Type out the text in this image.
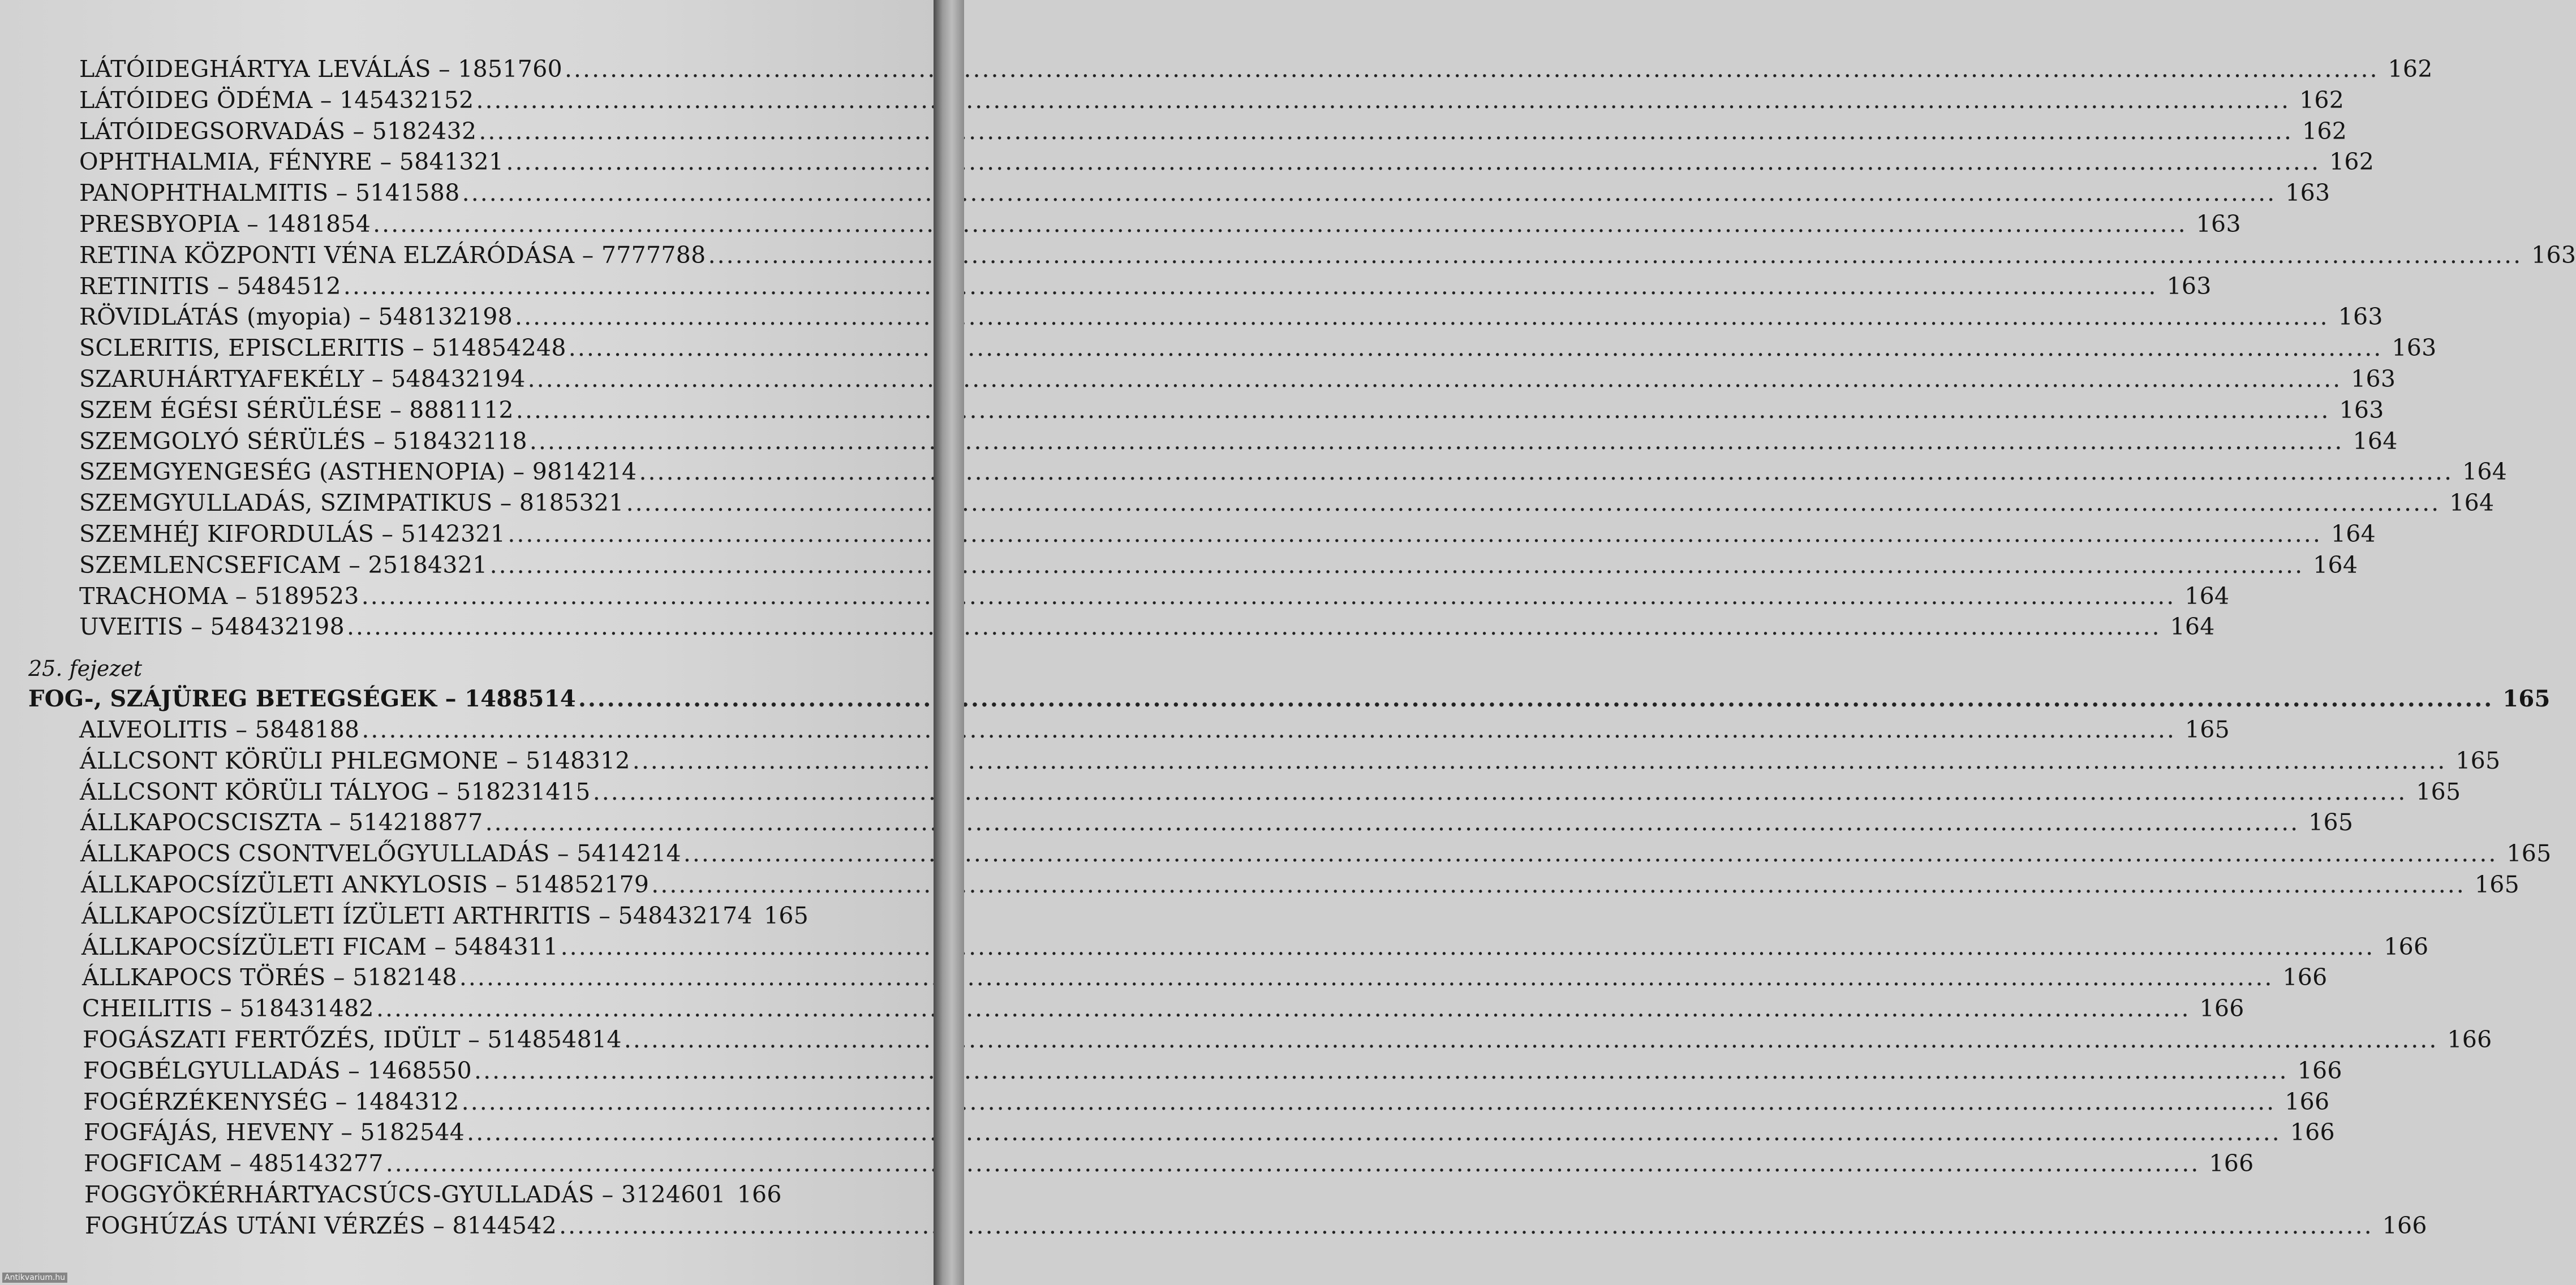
25. fejezet
LÁTÓIDEGHÁRTYA LEVÁLÁS – 1851760 .....	162
LÁTÓIDEG ÖDÉMA – 145432152 .....	162
LÁTÓIDEGSORVADÁS – 5182432 .....	162
OPHTHALMIA, FÉNYRE – 5841321 .....	162
PANOPHTHALMITIS – 5141588 .....	163
PRESBYOPIA – 1481854 .....	163
RETINA KÖZPONTI VÉNA ELZÁRÓDÁSA – 7777788 .....	163
RETINITIS – 5484512 .....	163
RÖVIDLÁTÁS (myopia) – 548132198 .....	163
SCLERITIS, EPISCLERITIS – 514854248 .....	163
SZARUHÁRTYAFEKÉLY – 548432194 .....	163
SZEM ÉGÉSI SÉRÜLÉSE – 8881112 .....	163
SZEMGOLYÓ SÉRÜLÉS – 518432118 .....	164
SZEMGYENGESÉG (ASTHENOPIA) – 9814214 .....	164
SZEMGYULLADÁS, SZIMPATIKUS – 8185321 .....	164
SZEMHÉJ KIFORDULÁS – 5142321 .....	164
SZEMLENCSEFICAM – 25184321 .....	164
TRACHOMA – 5189523 .....	164
UVEITIS – 548432198 .....	164
FOG-, SZÁJÜREG BETEGSÉGEK – 1488514 .....	165
ALVEOLITIS – 5848188 .....	165
ÁLLCSONT KÖRÜLI PHLEGMONE – 5148312 .....	165
ÁLLCSONT KÖRÜLI TÁLYOG – 518231415 .....	165
ÁLLKAPOCSCISZTA – 514218877 .....	165
ÁLLKAPOCS CSONTVELŐGYULLADÁS – 5414214 .....	165
ÁLLKAPOCSÍZÜLETI ANKYLOSIS – 514852179 .....	165
ÁLLKAPOCSÍZÜLETI ÍZÜLETI ARTHRITIS – 548432174 165
ÁLLKAPOCSÍZÜLETI FICAM – 5484311 .....	166
ÁLLKAPOCS TÖRÉS – 5182148 .....	166
CHEILITIS – 518431482 .....	166
FOGÁSZATI FERTŐZÉS, IDÜLT – 514854814 .....	166
FOGBÉLGYULLADÁS – 1468550 .....	166
FOGÉRZÉKENYSÉG – 1484312 .....	166
FOGFÁJÁS, HEVENY – 5182544 .....	166
FOGFICAM – 485143277 .....	166
FOGGYÖKÉRHÁRTYACSÚCS-GYULLADÁS – 3124601 166
FOGHÚZÁS UTÁNI VÉRZÉS – 8144542 .....	166
Antikvarium.hu
